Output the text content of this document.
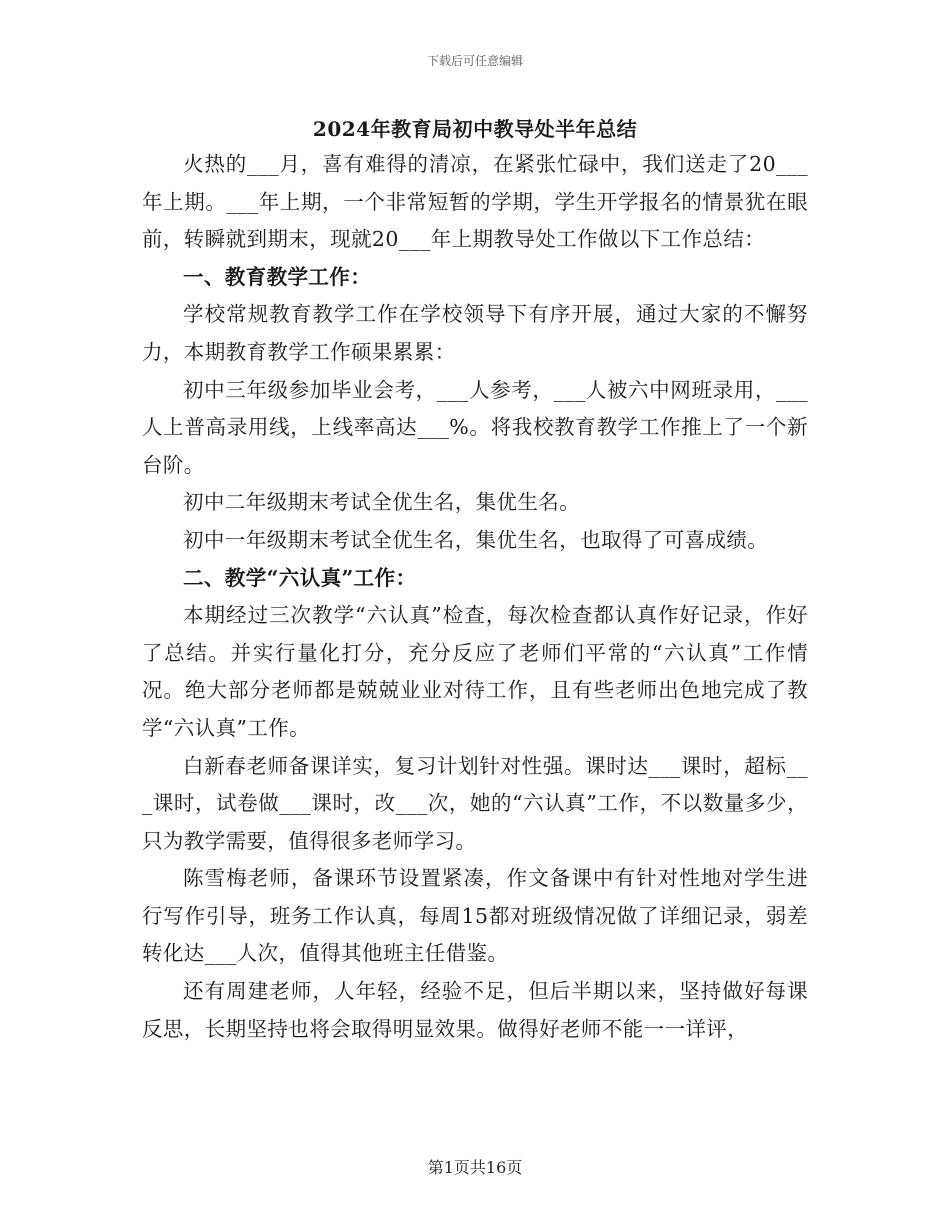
下载后可任意编辑
2024年教育局初中教导处半年总结

火热的___月，喜有难得的清凉，在紧张忙碌中，我们送走了20___年上期。___年上期，一个非常短暂的学期，学生开学报名的情景犹在眼前，转瞬就到期末，现就20___年上期教导处工作做以下工作总结：

一、教育教学工作：

学校常规教育教学工作在学校领导下有序开展，通过大家的不懈努力，本期教育教学工作硕果累累：

初中三年级参加毕业会考，___人参考，___人被六中网班录用，___人上普高录用线，上线率高达___%。将我校教育教学工作推上了一个新台阶。

初中二年级期末考试全优生名，集优生名。

初中一年级期末考试全优生名，集优生名，也取得了可喜成绩。

二、教学“六认真”工作：

本期经过三次教学“六认真”检查，每次检查都认真作好记录，作好了总结。并实行量化打分，充分反应了老师们平常的“六认真”工作情况。绝大部分老师都是兢兢业业对待工作，且有些老师出色地完成了教学“六认真”工作。

白新春老师备课详实，复习计划针对性强。课时达___课时，超标___课时，试卷做___课时，改___次，她的“六认真”工作，不以数量多少，只为教学需要，值得很多老师学习。

陈雪梅老师，备课环节设置紧凑，作文备课中有针对性地对学生进行写作引导，班务工作认真，每周15都对班级情况做了详细记录，弱差转化达___人次，值得其他班主任借鉴。

还有周建老师，人年轻，经验不足，但后半期以来，坚持做好每课反思，长期坚持也将会取得明显效果。做得好老师不能一一详评，

第1页共16页
